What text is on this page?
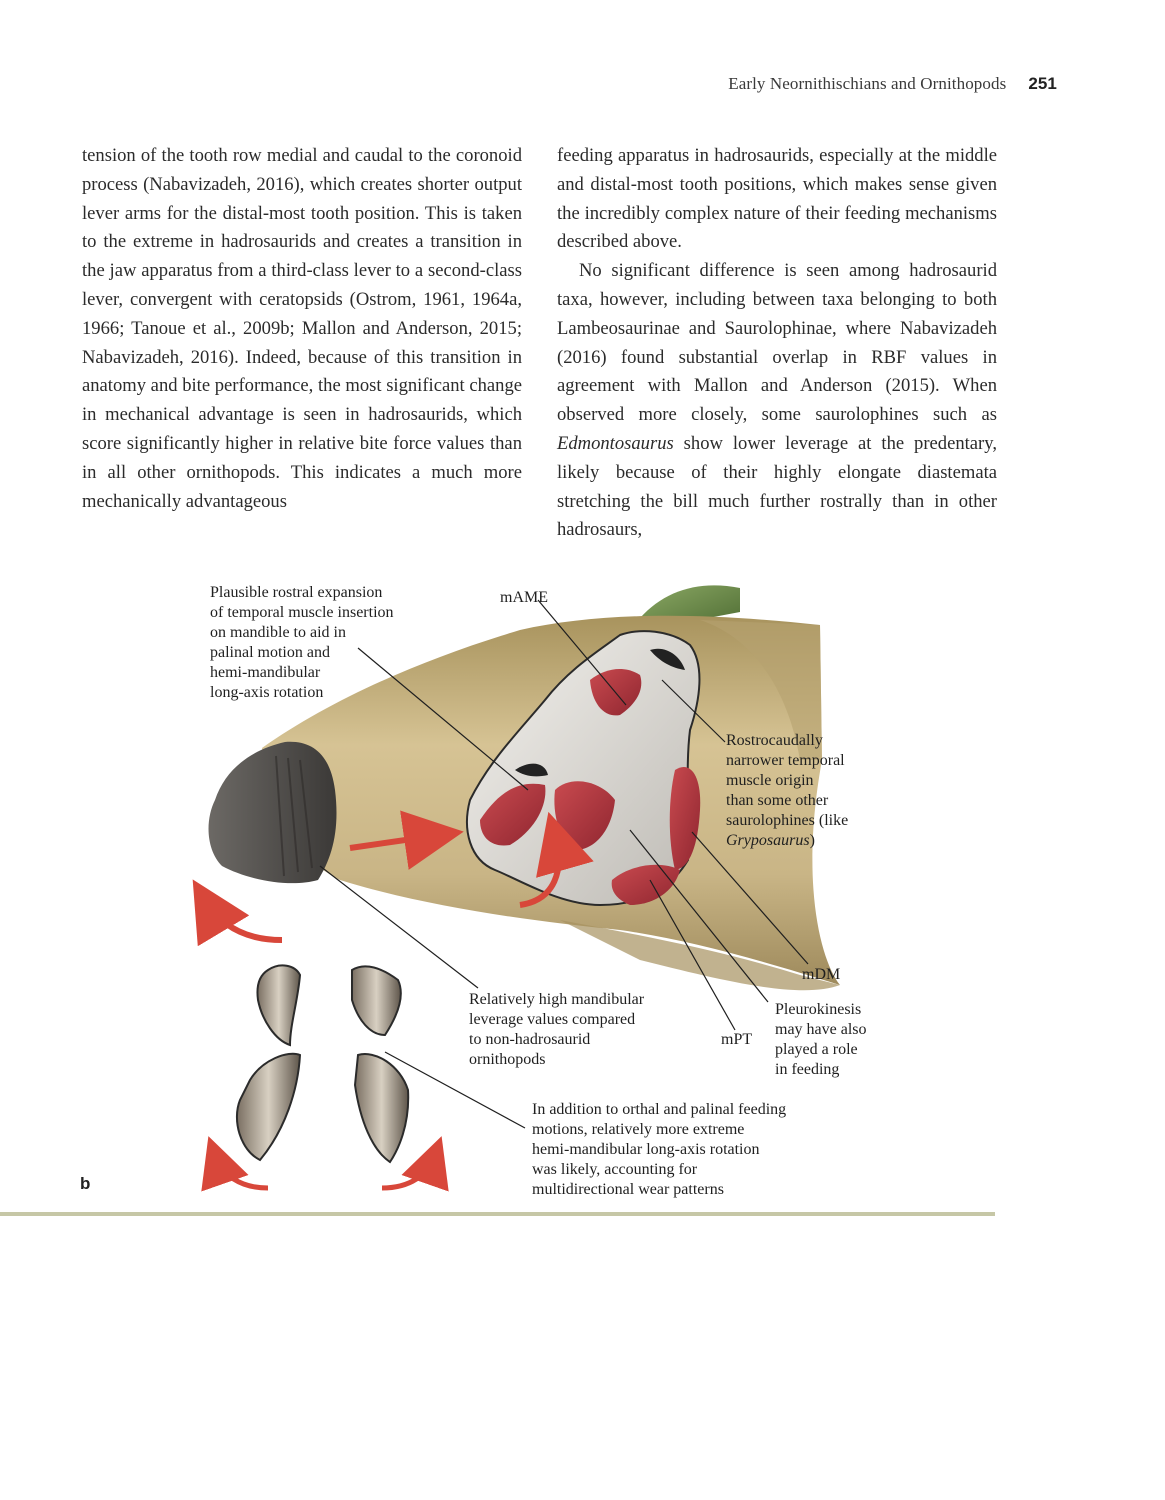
Early Neornithischians and Ornithopods 251

tension of the tooth row medial and caudal to the coronoid process (Nabavizadeh, 2016), which creates shorter output lever arms for the distal-most tooth position. This is taken to the extreme in hadrosaurids and creates a transition in the jaw apparatus from a third-class lever to a second-class lever, convergent with ceratopsids (Ostrom, 1961, 1964a, 1966; Tanoue et al., 2009b; Mallon and Anderson, 2015; Nabavizadeh, 2016). Indeed, because of this transition in anatomy and bite performance, the most significant change in mechanical advantage is seen in hadrosaurids, which score significantly higher in relative bite force values than in all other ornithopods. This indicates a much more mechanically advantageous

feeding apparatus in hadrosaurids, especially at the middle and distal-most tooth positions, which makes sense given the incredibly complex nature of their feeding mechanisms described above.

No significant difference is seen among hadrosaurid taxa, however, including between taxa belonging to both Lambeosaurinae and Saurolophinae, where Nabavizadeh (2016) found substantial overlap in RBF values in agreement with Mallon and Anderson (2015). When observed more closely, some saurolophines such as Edmontosaurus show lower leverage at the predentary, likely because of their highly elongate diastemata stretching the bill much further rostrally than in other hadrosaurs,

Plausible rostral expansion
of temporal muscle insertion
on mandible to aid in
palinal motion and
hemi-mandibular
long-axis rotation
mAME
Rostrocaudally
narrower temporal
muscle origin
than some other
saurolophines (like
Gryposaurus)
mDM
Pleurokinesis
may have also
played a role
in feeding
mPT
Relatively high mandibular
leverage values compared
to non-hadrosaurid
ornithopods
In addition to orthal and palinal feeding
motions, relatively more extreme
hemi-mandibular long-axis rotation
was likely, accounting for
multidirectional wear patterns
b
